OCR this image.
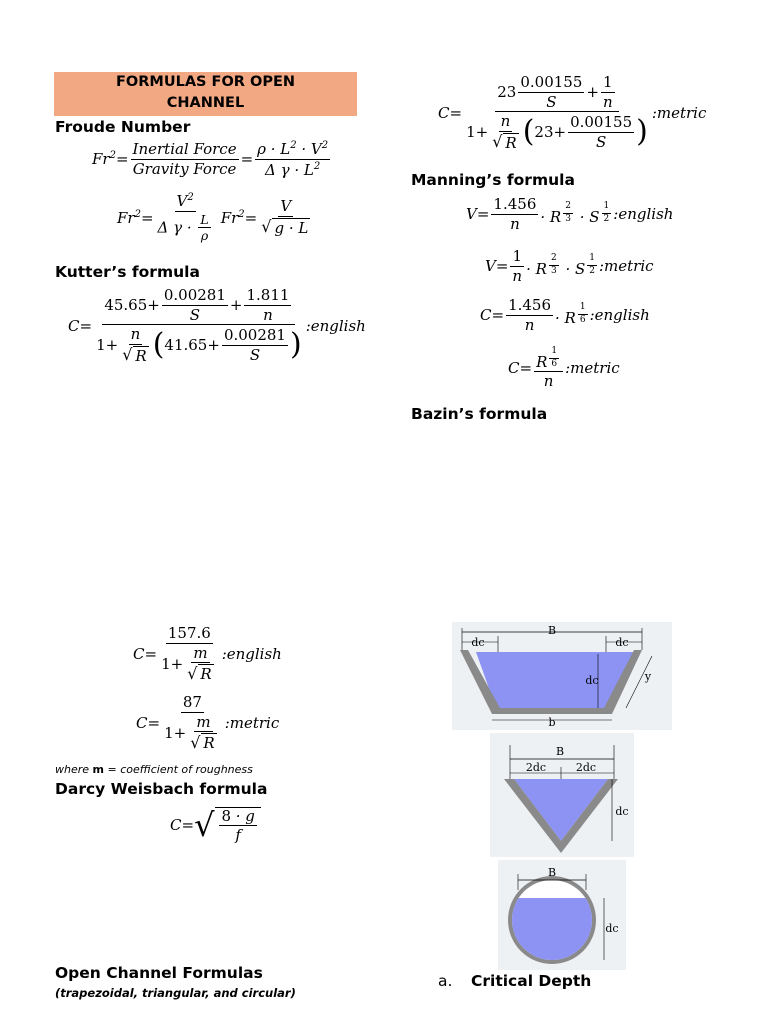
FORMULAS FOR OPEN
CHANNEL
Froude Number
$Fr^2$ =
Inertial Force
Gravity Force
= $\frac{\rho \cdot L^2 \cdot V^2}{\Delta \gamma \cdot L^2}$
$Fr^2 = \frac{V^2}{\Delta \gamma \cdot \frac{L}{\rho}} Fr^2 = \frac{V}{√ g \cdot L}$
Kutter’s formula
$C = \frac{45.65 + \frac{0.00281}{S} + \frac{1.811}{n}}{1+ \frac{n}{√ R} ( 41.65 + \frac{0.00281}{S} )}$ :english
C = 23
0.00155
S
+ $\frac{1}{n}$
$1+ \frac{n}{√ R}$ ( $23 + \frac{0.00155}{S}$ ) :metric
Manning’s formula
$V = \frac{1.456}{n} \cdot R$ $^{\frac{2}{3}}$ · S $^{\frac{1}{2}}$ :english
$V = \frac{1}{n} \cdot R$ $^{\frac{2}{3}}$ · S $^{\frac{1}{2}}$ :metric
$C = \frac{1.456}{n} \cdot R$ $^{\frac{1}{6}}$ :english
C = R $^{\frac{1}{6}}$
n :metric
Bazin’s formula
$C = \frac{157.6}{1+ \frac{m}{√ R}}$ :english
$C = \frac{87}{1+ \frac{m}{√ R}}$ :metric
where m = coefficient of roughness
Darcy Weisbach formula
C = √ $\frac{8 \cdot g}{f}$
Open Channel Formulas
(trapezoidal, triangular, and circular)
a. Critical Depth
B
dc	dc
dc
b
y
B
2dc	2dc
dc
B
dc
